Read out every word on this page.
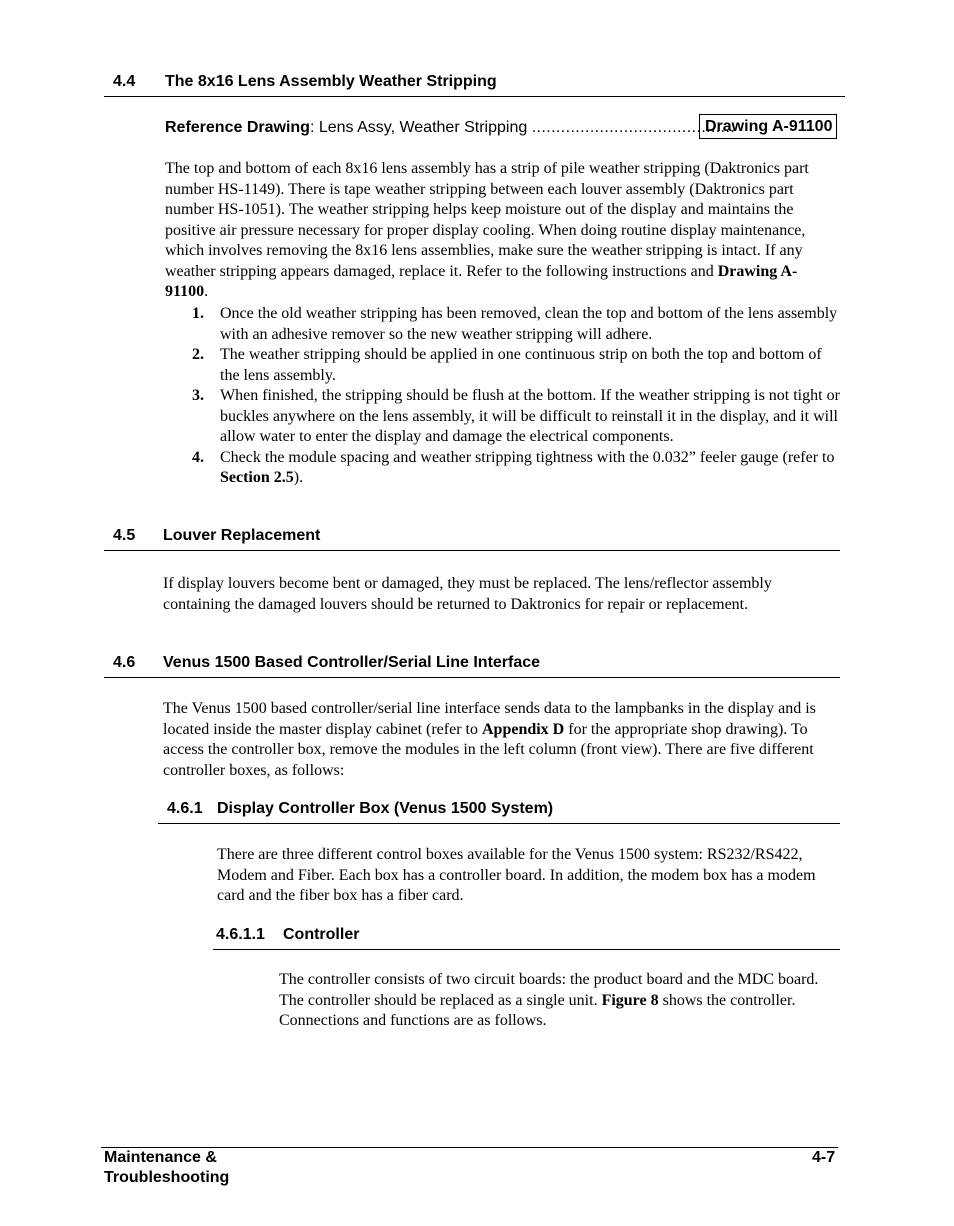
4.4 The 8x16 Lens Assembly Weather Stripping
Reference Drawing: Lens Assy, Weather Stripping ..........................................
Drawing A-91100

The top and bottom of each 8x16 lens assembly has a strip of pile weather stripping (Daktronics part number HS-1149). There is tape weather stripping between each louver assembly (Daktronics part number HS-1051). The weather stripping helps keep moisture out of the display and maintains the positive air pressure necessary for proper display cooling. When doing routine display maintenance, which involves removing the 8x16 lens assemblies, make sure the weather stripping is intact. If any weather stripping appears damaged, replace it. Refer to the following instructions and Drawing A-91100.

1. Once the old weather stripping has been removed, clean the top and bottom of the lens assembly with an adhesive remover so the new weather stripping will adhere.
2. The weather stripping should be applied in one continuous strip on both the top and bottom of the lens assembly.
3. When finished, the stripping should be flush at the bottom. If the weather stripping is not tight or buckles anywhere on the lens assembly, it will be difficult to reinstall it in the display, and it will allow water to enter the display and damage the electrical components.
4. Check the module spacing and weather stripping tightness with the 0.032” feeler gauge (refer to Section 2.5).
4.5 Louver Replacement

If display louvers become bent or damaged, they must be replaced. The lens/reflector assembly containing the damaged louvers should be returned to Daktronics for repair or replacement.

4.6 Venus 1500 Based Controller/Serial Line Interface

The Venus 1500 based controller/serial line interface sends data to the lampbanks in the display and is located inside the master display cabinet (refer to Appendix D for the appropriate shop drawing). To access the controller box, remove the modules in the left column (front view). There are five different controller boxes, as follows:

4.6.1 Display Controller Box (Venus 1500 System)

There are three different control boxes available for the Venus 1500 system: RS232/RS422, Modem and Fiber. Each box has a controller board. In addition, the modem box has a modem card and the fiber box has a fiber card.

4.6.1.1 Controller

The controller consists of two circuit boards: the product board and the MDC board. The controller should be replaced as a single unit. Figure 8 shows the controller. Connections and functions are as follows.

Maintenance &
Troubleshooting
4-7
